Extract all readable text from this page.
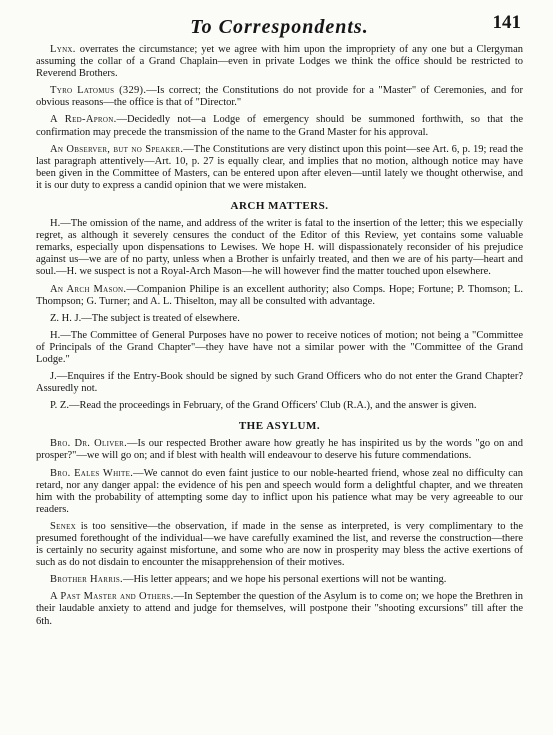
To Correspondents.	141

Lynx. overrates the circumstance; yet we agree with him upon the impropriety of any one but a Clergyman assuming the collar of a Grand Chaplain—even in private Lodges we think the office should be restricted to Reverend Brothers.

Tyro Latomus (329).—Is correct; the Constitutions do not provide for a "Master" of Ceremonies, and for obvious reasons—the office is that of "Director."

A Red-Apron.—Decidedly not—a Lodge of emergency should be summoned forthwith, so that the confirmation may precede the transmission of the name to the Grand Master for his approval.

An Observer, but no Speaker.—The Constitutions are very distinct upon this point—see Art. 6, p. 19; read the last paragraph attentively—Art. 10, p. 27 is equally clear, and implies that no motion, although notice may have been given in the Committee of Masters, can be entered upon after eleven—until lately we thought otherwise, and it is our duty to express a candid opinion that we were mistaken.

ARCH MATTERS.

H.—The omission of the name, and address of the writer is fatal to the insertion of the letter; this we especially regret, as although it severely censures the conduct of the Editor of this Review, yet contains some valuable remarks, especially upon dispensations to Lewises. We hope H. will dispassionately reconsider of his prejudice against us—we are of no party, unless when a Brother is unfairly treated, and then we are of his party—heart and soul.—H. we suspect is not a Royal-Arch Mason—he will however find the matter touched upon elsewhere.

An Arch Mason.—Companion Philipe is an excellent authority; also Comps. Hope; Fortune; P. Thomson; L. Thompson; G. Turner; and A. L. Thiselton, may all be consulted with advantage.

Z. H. J.—The subject is treated of elsewhere.

H.—The Committee of General Purposes have no power to receive notices of motion; not being a "Committee of Principals of the Grand Chapter"—they have have not a similar power with the "Committee of the Grand Lodge."

J.—Enquires if the Entry-Book should be signed by such Grand Officers who do not enter the Grand Chapter? Assuredly not.

P. Z.—Read the proceedings in February, of the Grand Officers' Club (R.A.), and the answer is given.

THE ASYLUM.

Bro. Dr. Oliver.—Is our respected Brother aware how greatly he has inspirited us by the words "go on and prosper?"—we will go on; and if blest with health will endeavour to deserve his future commendations.

Bro. Eales White.—We cannot do even faint justice to our noble-hearted friend, whose zeal no difficulty can retard, nor any danger appal: the evidence of his pen and speech would form a delightful chapter, and we threaten him with the probability of attempting some day to inflict upon his patience what may be very agreeable to our readers.

Senex is too sensitive—the observation, if made in the sense as interpreted, is very complimentary to the presumed forethought of the individual—we have carefully examined the list, and reverse the construction—there is certainly no security against misfortune, and some who are now in prosperity may bless the active exertions of such as do not disdain to encounter the misapprehension of their motives.

Brother Harris.—His letter appears; and we hope his personal exertions will not be wanting.

A Past Master and Others.—In September the question of the Asylum is to come on; we hope the Brethren in their laudable anxiety to attend and judge for themselves, will postpone their "shooting excursions" till after the 6th.
